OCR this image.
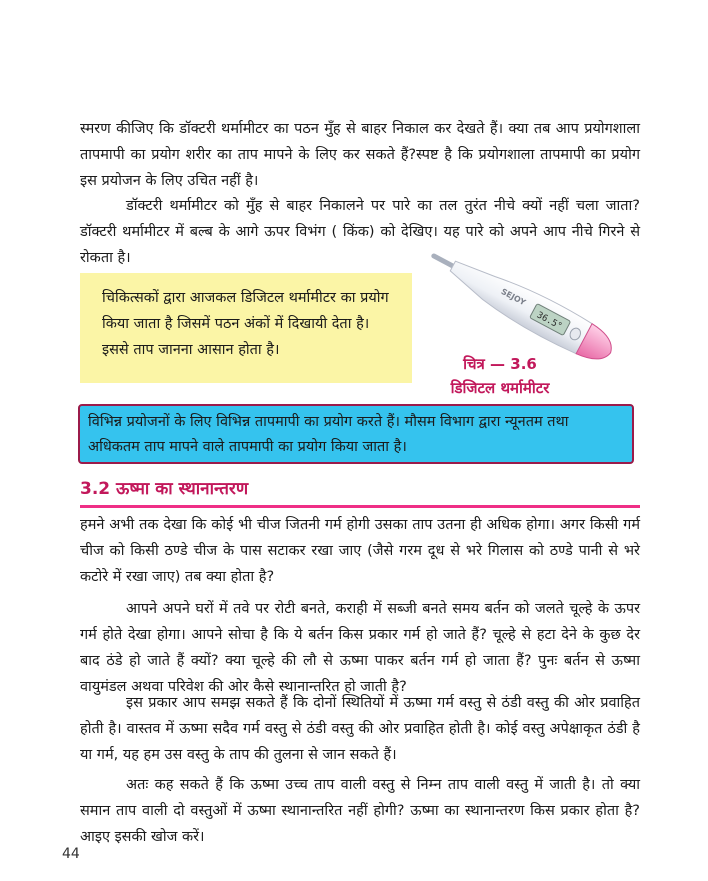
स्मरण कीजिए कि डॉक्टरी थर्मामीटर का पठन मुँह से बाहर निकाल कर देखते हैं। क्या तब आप प्रयोगशाला तापमापी का प्रयोग शरीर का ताप मापने के लिए कर सकते हैं?स्पष्ट है कि प्रयोगशाला तापमापी का प्रयोग इस प्रयोजन के लिए उचित नहीं है।

डॉक्टरी थर्मामीटर को मुँह से बाहर निकालने पर पारे का तल तुरंत नीचे क्यों नहीं चला जाता? डॉक्टरी थर्मामीटर में बल्ब के आगे ऊपर विभंग ( किंक) को देखिए। यह पारे को अपने आप नीचे गिरने से रोकता है।

चिकित्सकों द्वारा आजकल डिजिटल थर्मामीटर का प्रयोग किया जाता है जिसमें पठन अंकों में दिखायी देता है। इससे ताप जानना आसान होता है।
36.5°
SEJOY
चित्र — 3.6
डिजिटल थर्मामीटर
विभिन्न प्रयोजनों के लिए विभिन्न तापमापी का प्रयोग करते हैं। मौसम विभाग द्वारा न्यूनतम तथा अधिकतम ताप मापने वाले तापमापी का प्रयोग किया जाता है।
3.2 ऊष्मा का स्थानान्तरण

हमने अभी तक देखा कि कोई भी चीज जितनी गर्म होगी उसका ताप उतना ही अधिक होगा। अगर किसी गर्म चीज को किसी ठण्डे चीज के पास सटाकर रखा जाए (जैसे गरम दूध से भरे गिलास को ठण्डे पानी से भरे कटोरे में रखा जाए) तब क्या होता है?

आपने अपने घरों में तवे पर रोटी बनते, कराही में सब्जी बनते समय बर्तन को जलते चूल्हे के ऊपर गर्म होते देखा होगा। आपने सोचा है कि ये बर्तन किस प्रकार गर्म हो जाते हैं? चूल्हे से हटा देने के कुछ देर बाद ठंडे हो जाते हैं क्यों? क्या चूल्हे की लौ से ऊष्मा पाकर बर्तन गर्म हो जाता हैं? पुनः बर्तन से ऊष्मा वायुमंडल अथवा परिवेश की ओर कैसे स्थानान्तरित हो जाती है?

इस प्रकार आप समझ सकते हैं कि दोनों स्थितियों में ऊष्मा गर्म वस्तु से ठंडी वस्तु की ओर प्रवाहित होती है। वास्तव में ऊष्मा सदैव गर्म वस्तु से ठंडी वस्तु की ओर प्रवाहित होती है। कोई वस्तु अपेक्षाकृत ठंडी है या गर्म, यह हम उस वस्तु के ताप की तुलना से जान सकते हैं।

अतः कह सकते हैं कि ऊष्मा उच्च ताप वाली वस्तु से निम्न ताप वाली वस्तु में जाती है। तो क्या समान ताप वाली दो वस्तुओं में ऊष्मा स्थानान्तरित नहीं होगी? ऊष्मा का स्थानान्तरण किस प्रकार होता है? आइए इसकी खोज करें।

44
